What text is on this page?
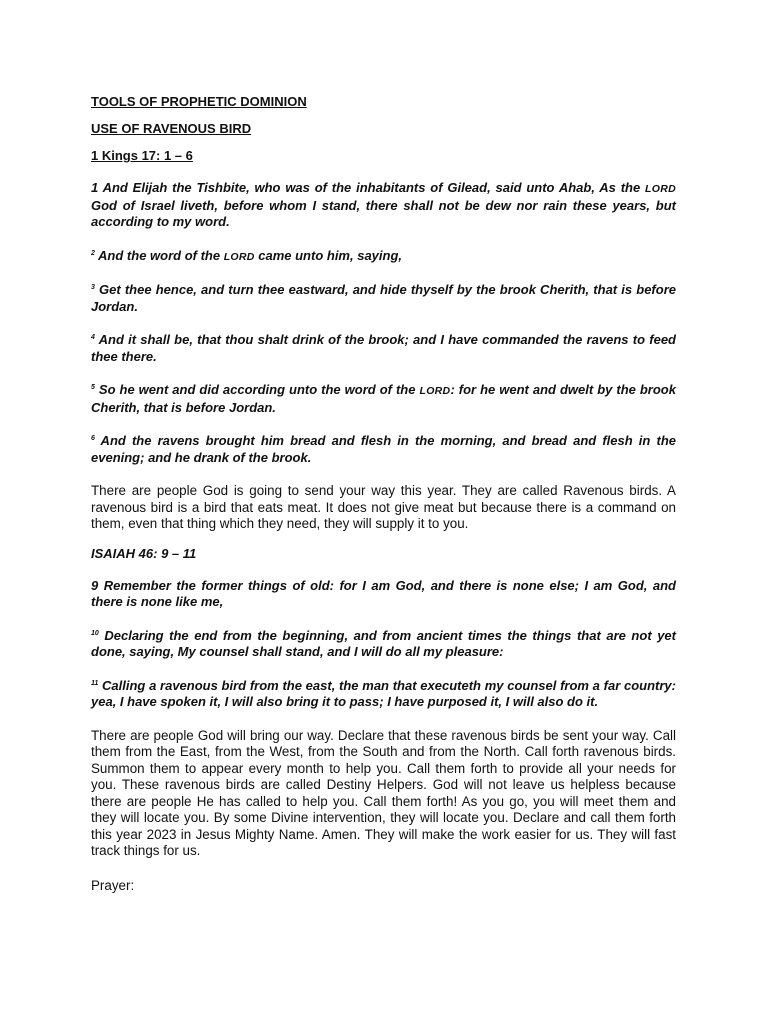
TOOLS OF PROPHETIC DOMINION

USE OF RAVENOUS BIRD

1 Kings 17: 1 – 6

1 And Elijah the Tishbite, who was of the inhabitants of Gilead, said unto Ahab, As the LORD God of Israel liveth, before whom I stand, there shall not be dew nor rain these years, but according to my word.

$^2$ And the word of the LORD came unto him, saying,

$^3$ Get thee hence, and turn thee eastward, and hide thyself by the brook Cherith, that is before Jordan.

$^4$ And it shall be, that thou shalt drink of the brook; and I have commanded the ravens to feed thee there.

$^5$ So he went and did according unto the word of the LORD: for he went and dwelt by the brook Cherith, that is before Jordan.

$^6$ And the ravens brought him bread and flesh in the morning, and bread and flesh in the evening; and he drank of the brook.

There are people God is going to send your way this year. They are called Ravenous birds. A ravenous bird is a bird that eats meat. It does not give meat but because there is a command on them, even that thing which they need, they will supply it to you.

ISAIAH 46: 9 – 11

9 Remember the former things of old: for I am God, and there is none else; I am God, and there is none like me,

$^{10}$ Declaring the end from the beginning, and from ancient times the things that are not yet done, saying, My counsel shall stand, and I will do all my pleasure:

$^{11}$ Calling a ravenous bird from the east, the man that executeth my counsel from a far country: yea, I have spoken it, I will also bring it to pass; I have purposed it, I will also do it.

There are people God will bring our way. Declare that these ravenous birds be sent your way. Call them from the East, from the West, from the South and from the North. Call forth ravenous birds. Summon them to appear every month to help you. Call them forth to provide all your needs for you. These ravenous birds are called Destiny Helpers. God will not leave us helpless because there are people He has called to help you. Call them forth! As you go, you will meet them and they will locate you. By some Divine intervention, they will locate you. Declare and call them forth this year 2023 in Jesus Mighty Name. Amen. They will make the work easier for us. They will fast track things for us.

Prayer:
